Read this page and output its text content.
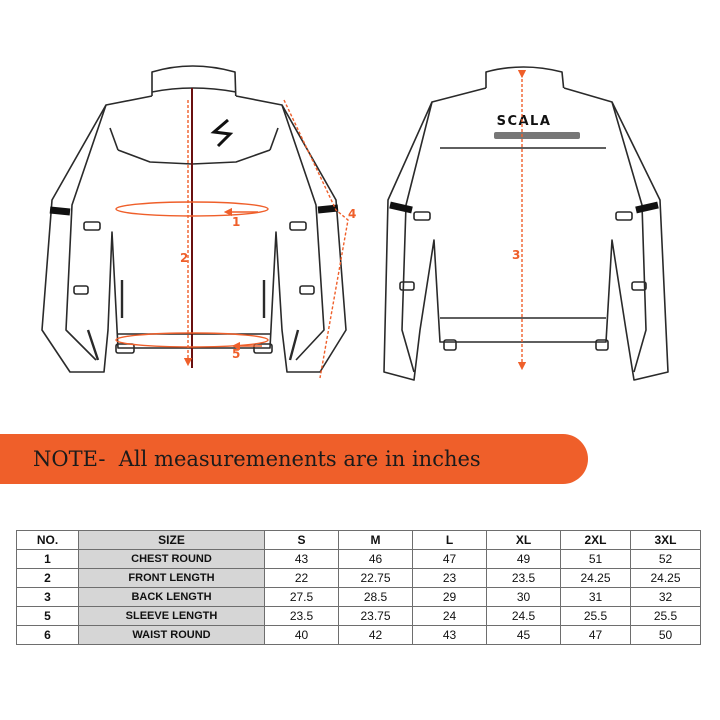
1
2
4
5
SCALA
3
NOTE-  All measuremenents are in inches
NO.	SIZE	S	M	L	XL	2XL	3XL
1	CHEST ROUND	43	46	47	49	51	52
2	FRONT LENGTH	22	22.75	23	23.5	24.25	24.25
3	BACK LENGTH	27.5	28.5	29	30	31	32
5	SLEEVE LENGTH	23.5	23.75	24	24.5	25.5	25.5
6	WAIST ROUND	40	42	43	45	47	50
